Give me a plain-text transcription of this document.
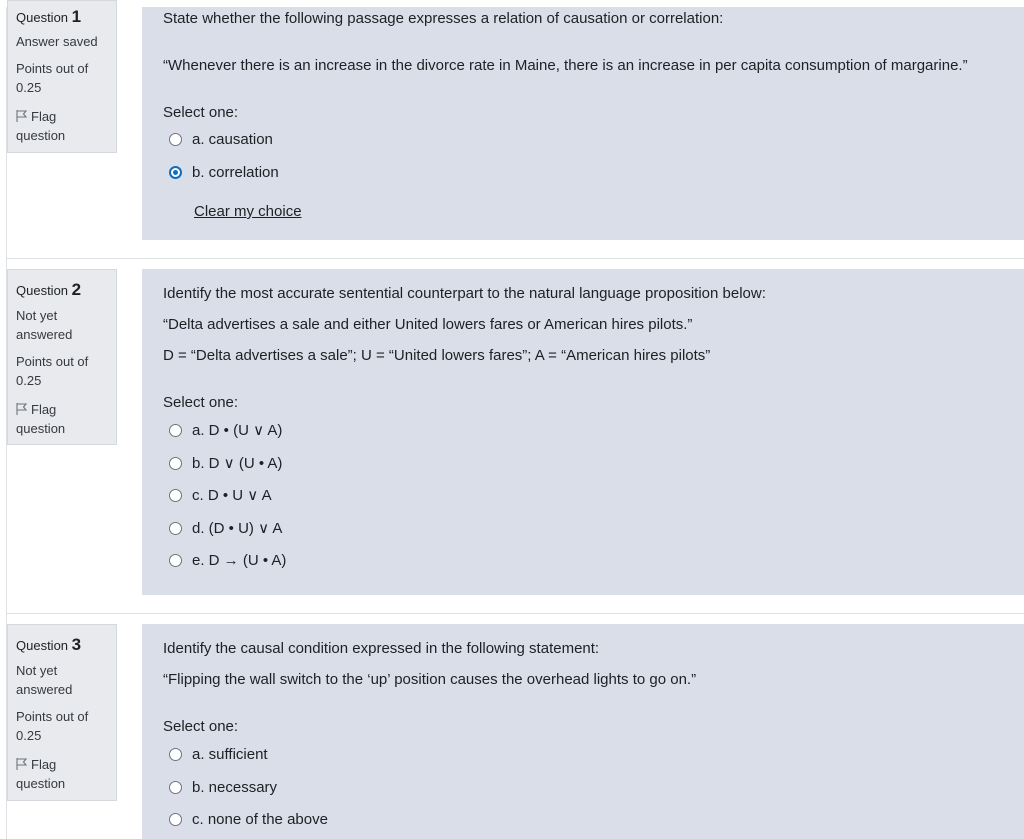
Question 1
Answer saved
Points out of
0.25
Flag
question
State whether the following passage expresses a relation of causation or correlation:
“Whenever there is an increase in the divorce rate in Maine, there is an increase in per capita consumption of margarine.”
Select one:
a. causation
b. correlation
Clear my choice
Question 2
Not yet
answered
Points out of
0.25
Flag
question
Identify the most accurate sentential counterpart to the natural language proposition below:
“Delta advertises a sale and either United lowers fares or American hires pilots.”
D = “Delta advertises a sale”; U = “United lowers fares”; A = “American hires pilots”
Select one:
a. D • (U ∨ A)
b. D ∨ (U • A)
c. D • U ∨ A
d. (D • U) ∨ A
e. D → (U • A)
Question 3
Not yet
answered
Points out of
0.25
Flag
question
Identify the causal condition expressed in the following statement:
“Flipping the wall switch to the ‘up’ position causes the overhead lights to go on.”
Select one:
a. sufficient
b. necessary
c. none of the above
